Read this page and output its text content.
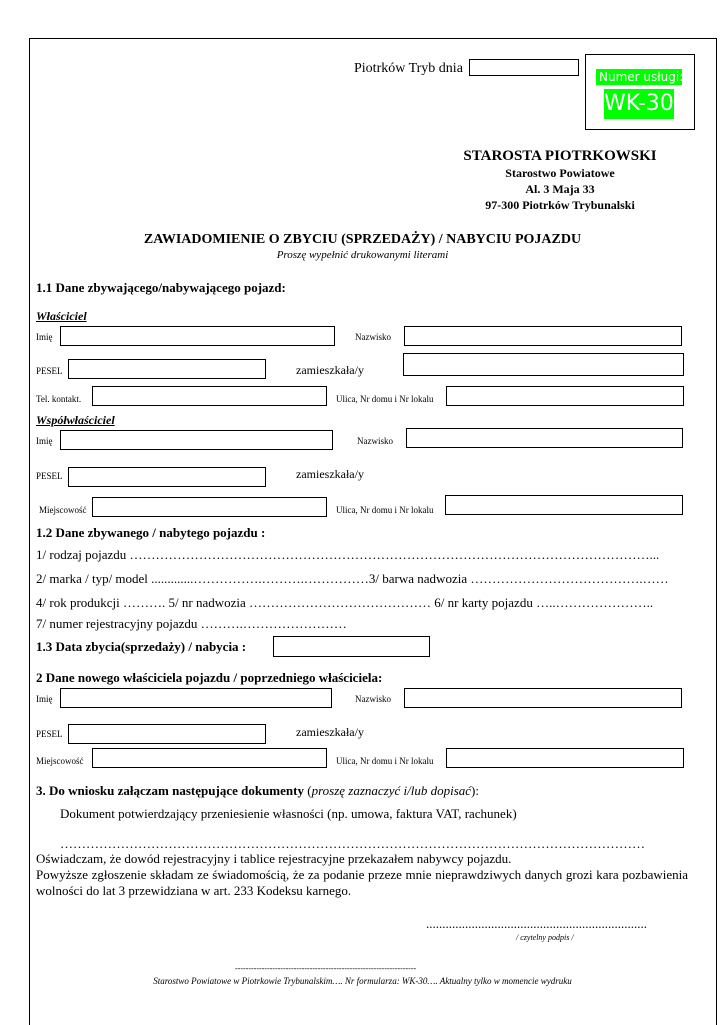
Piotrków Tryb dnia
Numer usługi:
WK-30
STAROSTA PIOTRKOWSKI
Starostwo Powiatowe
Al. 3 Maja 33
97-300 Piotrków Trybunalski
ZAWIADOMIENIE O ZBYCIU (SPRZEDAŻY) / NABYCIU POJAZDU
Proszę wypełnić drukowanymi literami
1.1 Dane zbywającego/nabywającego pojazd:
Właściciel
Imię	Nazwisko
PESEL	zamieszkała/y
Tel. kontakt.	Ulica, Nr domu i Nr lokalu
Współwłaściciel
Imię	Nazwisko
PESEL	zamieszkała/y
Miejscowość	Ulica, Nr domu i Nr lokalu
1.2 Dane zbywanego / nabytego pojazdu :
1/ rodzaj pojazdu …………………………………………………………………………………………………………...
2/ marka / typ/ model .............…………….……….……………3/ barwa nadwozia ………………………………….……
4/ rok produkcji ………. 5/ nr nadwozia …………………………………… 6/ nr karty pojazdu …..…………………..
7/ numer rejestracyjny pojazdu ……….……………………
1.3 Data zbycia(sprzedaży) / nabycia :
2 Dane nowego właściciela pojazdu / poprzedniego właściciela:
Imię	Nazwisko
PESEL	zamieszkała/y
Miejscowość	Ulica, Nr domu i Nr lokalu
3. Do wniosku załączam następujące dokumenty (proszę zaznaczyć i/lub dopisać):
Dokument potwierdzający przeniesienie własności (np. umowa, faktura VAT, rachunek)
………………………………………………………………………………………………………………………
Oświadczam, że dowód rejestracyjny i tablice rejestracyjne przekazałem nabywcy pojazdu.
Powyższe zgłoszenie składam ze świadomością, że za podanie przeze mnie nieprawdziwych danych grozi kara pozbawienia wolności do lat 3 przewidziana w art. 233 Kodeksu karnego.
....................................................................
/ czytelny podpis /
--------------------------------------------------------------------
Starostwo Powiatowe w Piotrkowie Trybunalskim…. Nr formularza: WK-30…. Aktualny tylko w momencie wydruku
